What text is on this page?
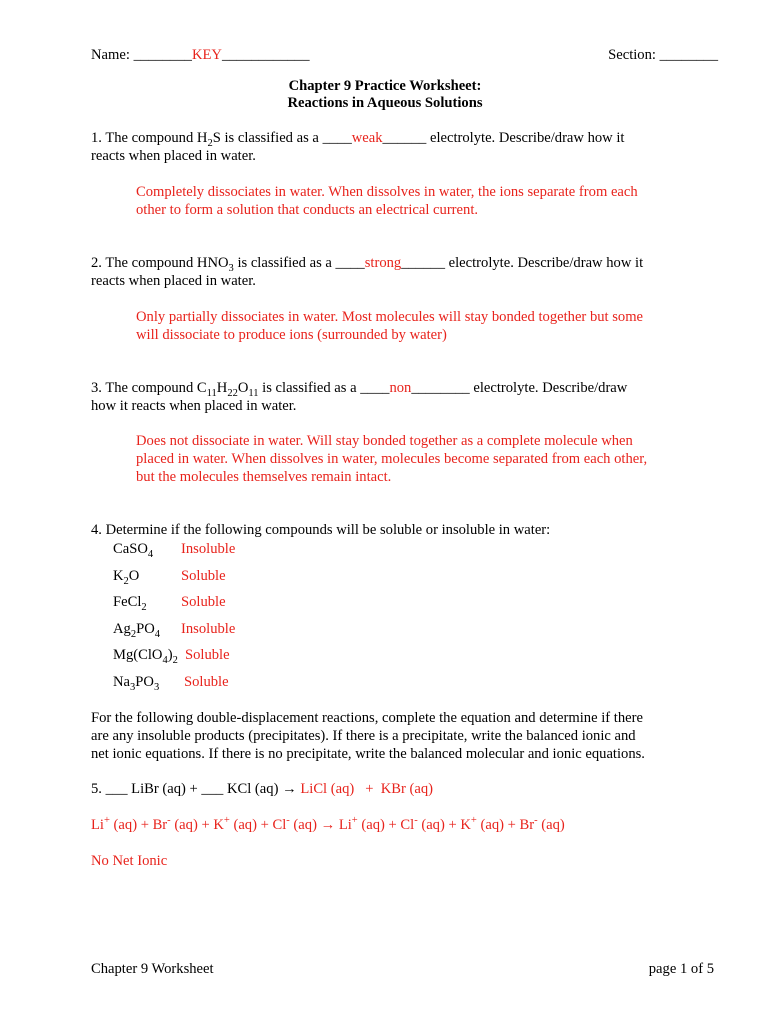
Name: ________KEY____________	Section: ________
Chapter 9 Practice Worksheet:
Reactions in Aqueous Solutions
1. The compound $H_2S$ is classified as a ____weak______ electrolyte. Describe/draw how it
reacts when placed in water.
Completely dissociates in water. When dissolves in water, the ions separate from each
other to form a solution that conducts an electrical current.
2. The compound $HNO_3$ is classified as a ____strong______ electrolyte. Describe/draw how it
reacts when placed in water.
Only partially dissociates in water. Most molecules will stay bonded together but some
will dissociate to produce ions (surrounded by water)
3. The compound $C_{11}H_{22}O_{11}$ is classified as a ____non________ electrolyte. Describe/draw
how it reacts when placed in water.
Does not dissociate in water. Will stay bonded together as a complete molecule when
placed in water. When dissolves in water, molecules become separated from each other,
but the molecules themselves remain intact.
4. Determine if the following compounds will be soluble or insoluble in water:
CaSO$_4$ Insoluble
$K_2O$	Soluble
FeCl$_2$ Soluble
$Ag_2PO_4$ Insoluble
$Mg(ClO_4)_2$ Soluble
$Na_3PO_3$ Soluble
For the following double-displacement reactions, complete the equation and determine if there
are any insoluble products (precipitates). If there is a precipitate, write the balanced ionic and
net ionic equations. If there is no precipitate, write the balanced molecular and ionic equations.
5. ___ LiBr (aq) + ___ KCl (aq) → LiCl (aq)   +  KBr (aq)
Li+ (aq) + Br- (aq) + K+ (aq) + Cl- (aq) → Li+ (aq) + Cl- (aq) + K+ (aq) + Br- (aq)
No Net Ionic
Chapter 9 Worksheet	page 1 of 5
